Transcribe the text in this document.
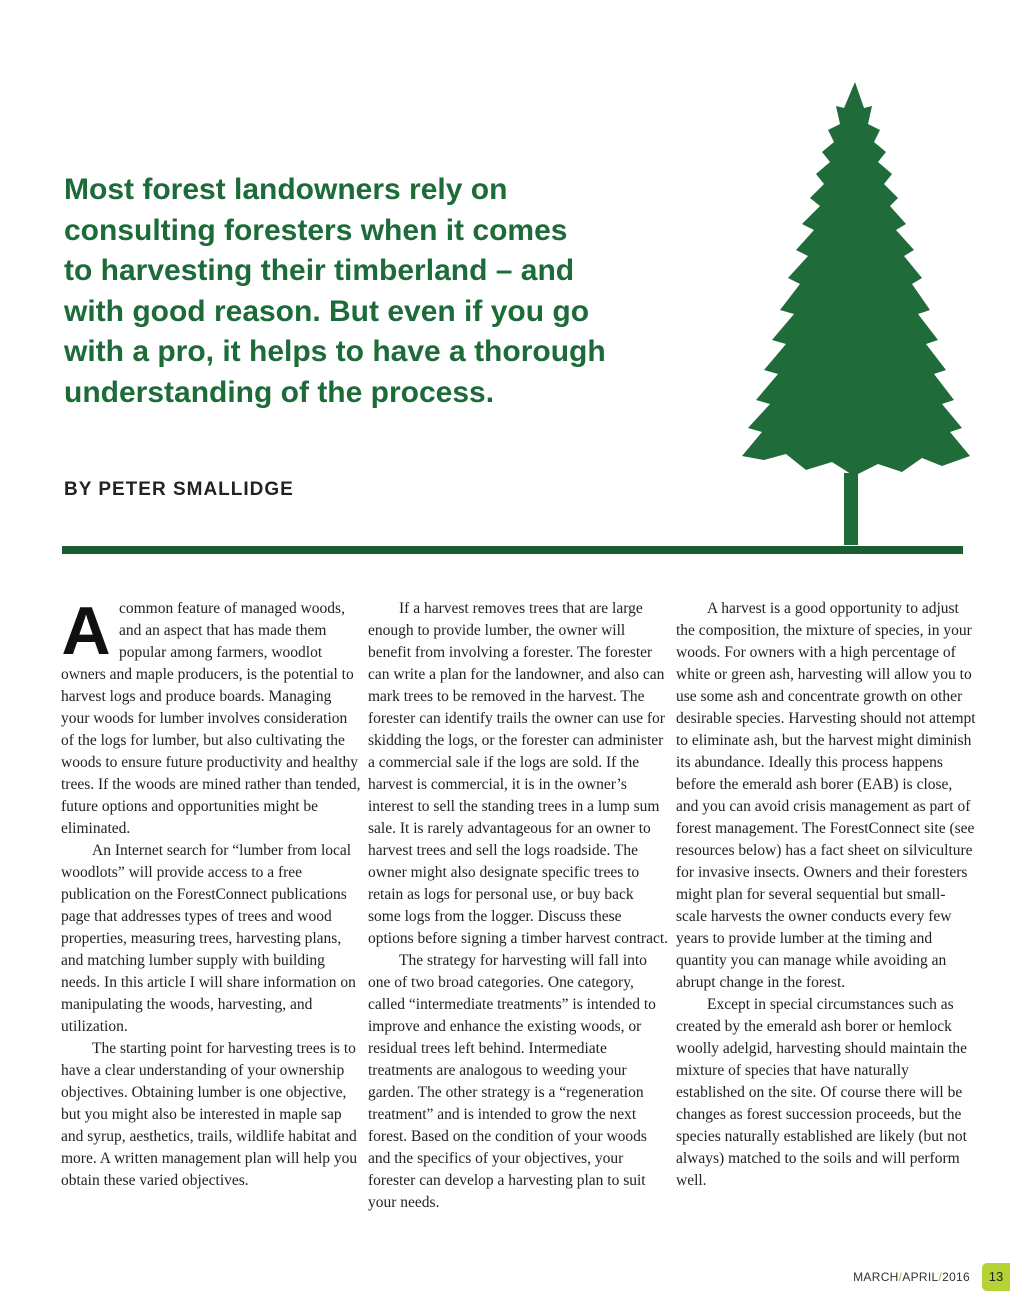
Most forest landowners rely on
consulting foresters when it comes
to harvesting their timberland – and
with good reason. But even if you go
with a pro, it helps to have a thorough
understanding of the process.

BY PETER SMALLIDGE

A common feature of managed woods, and an aspect that has made them popular among farmers, woodlot owners and maple producers, is the potential to harvest logs and produce boards. Managing your woods for lumber involves consideration of the logs for lumber, but also cultivating the woods to ensure future productivity and healthy trees. If the woods are mined rather than tended, future options and opportunities might be eliminated.

An Internet search for “lumber from local woodlots” will provide access to a free publication on the ForestConnect publications page that addresses types of trees and wood properties, measuring trees, harvesting plans, and matching lumber supply with building needs. In this article I will share information on manipulating the woods, harvesting, and utilization.

The starting point for harvesting trees is to have a clear understanding of your ownership objectives. Obtaining lumber is one objective, but you might also be interested in maple sap and syrup, aesthetics, trails, wildlife habitat and more. A written management plan will help you obtain these varied objectives.

If a harvest removes trees that are large enough to provide lumber, the owner will benefit from involving a forester. The forester can write a plan for the landowner, and also can mark trees to be removed in the harvest. The forester can identify trails the owner can use for skidding the logs, or the forester can administer a commercial sale if the logs are sold. If the harvest is commercial, it is in the owner’s interest to sell the standing trees in a lump sum sale. It is rarely advantageous for an owner to harvest trees and sell the logs roadside. The owner might also designate specific trees to retain as logs for personal use, or buy back some logs from the logger. Discuss these options before signing a timber harvest contract.

The strategy for harvesting will fall into one of two broad categories. One category, called “intermediate treatments” is intended to improve and enhance the existing woods, or residual trees left behind. Intermediate treatments are analogous to weeding your garden. The other strategy is a “regeneration treatment” and is intended to grow the next forest. Based on the condition of your woods and the specifics of your objectives, your forester can develop a harvesting plan to suit your needs.

A harvest is a good opportunity to adjust the composition, the mixture of species, in your woods. For owners with a high percentage of white or green ash, harvesting will allow you to use some ash and concentrate growth on other desirable species. Harvesting should not attempt to eliminate ash, but the harvest might diminish its abundance. Ideally this process happens before the emerald ash borer (EAB) is close, and you can avoid crisis management as part of forest management. The ForestConnect site (see resources below) has a fact sheet on silviculture for invasive insects. Owners and their foresters might plan for several sequential but small-scale harvests the owner conducts every few years to provide lumber at the timing and quantity you can manage while avoiding an abrupt change in the forest.

Except in special circumstances such as created by the emerald ash borer or hemlock woolly adelgid, harvesting should maintain the mixture of species that have naturally established on the site. Of course there will be changes as forest succession proceeds, but the species naturally established are likely (but not always) matched to the soils and will perform well.

MARCH/APRIL/2016	13
